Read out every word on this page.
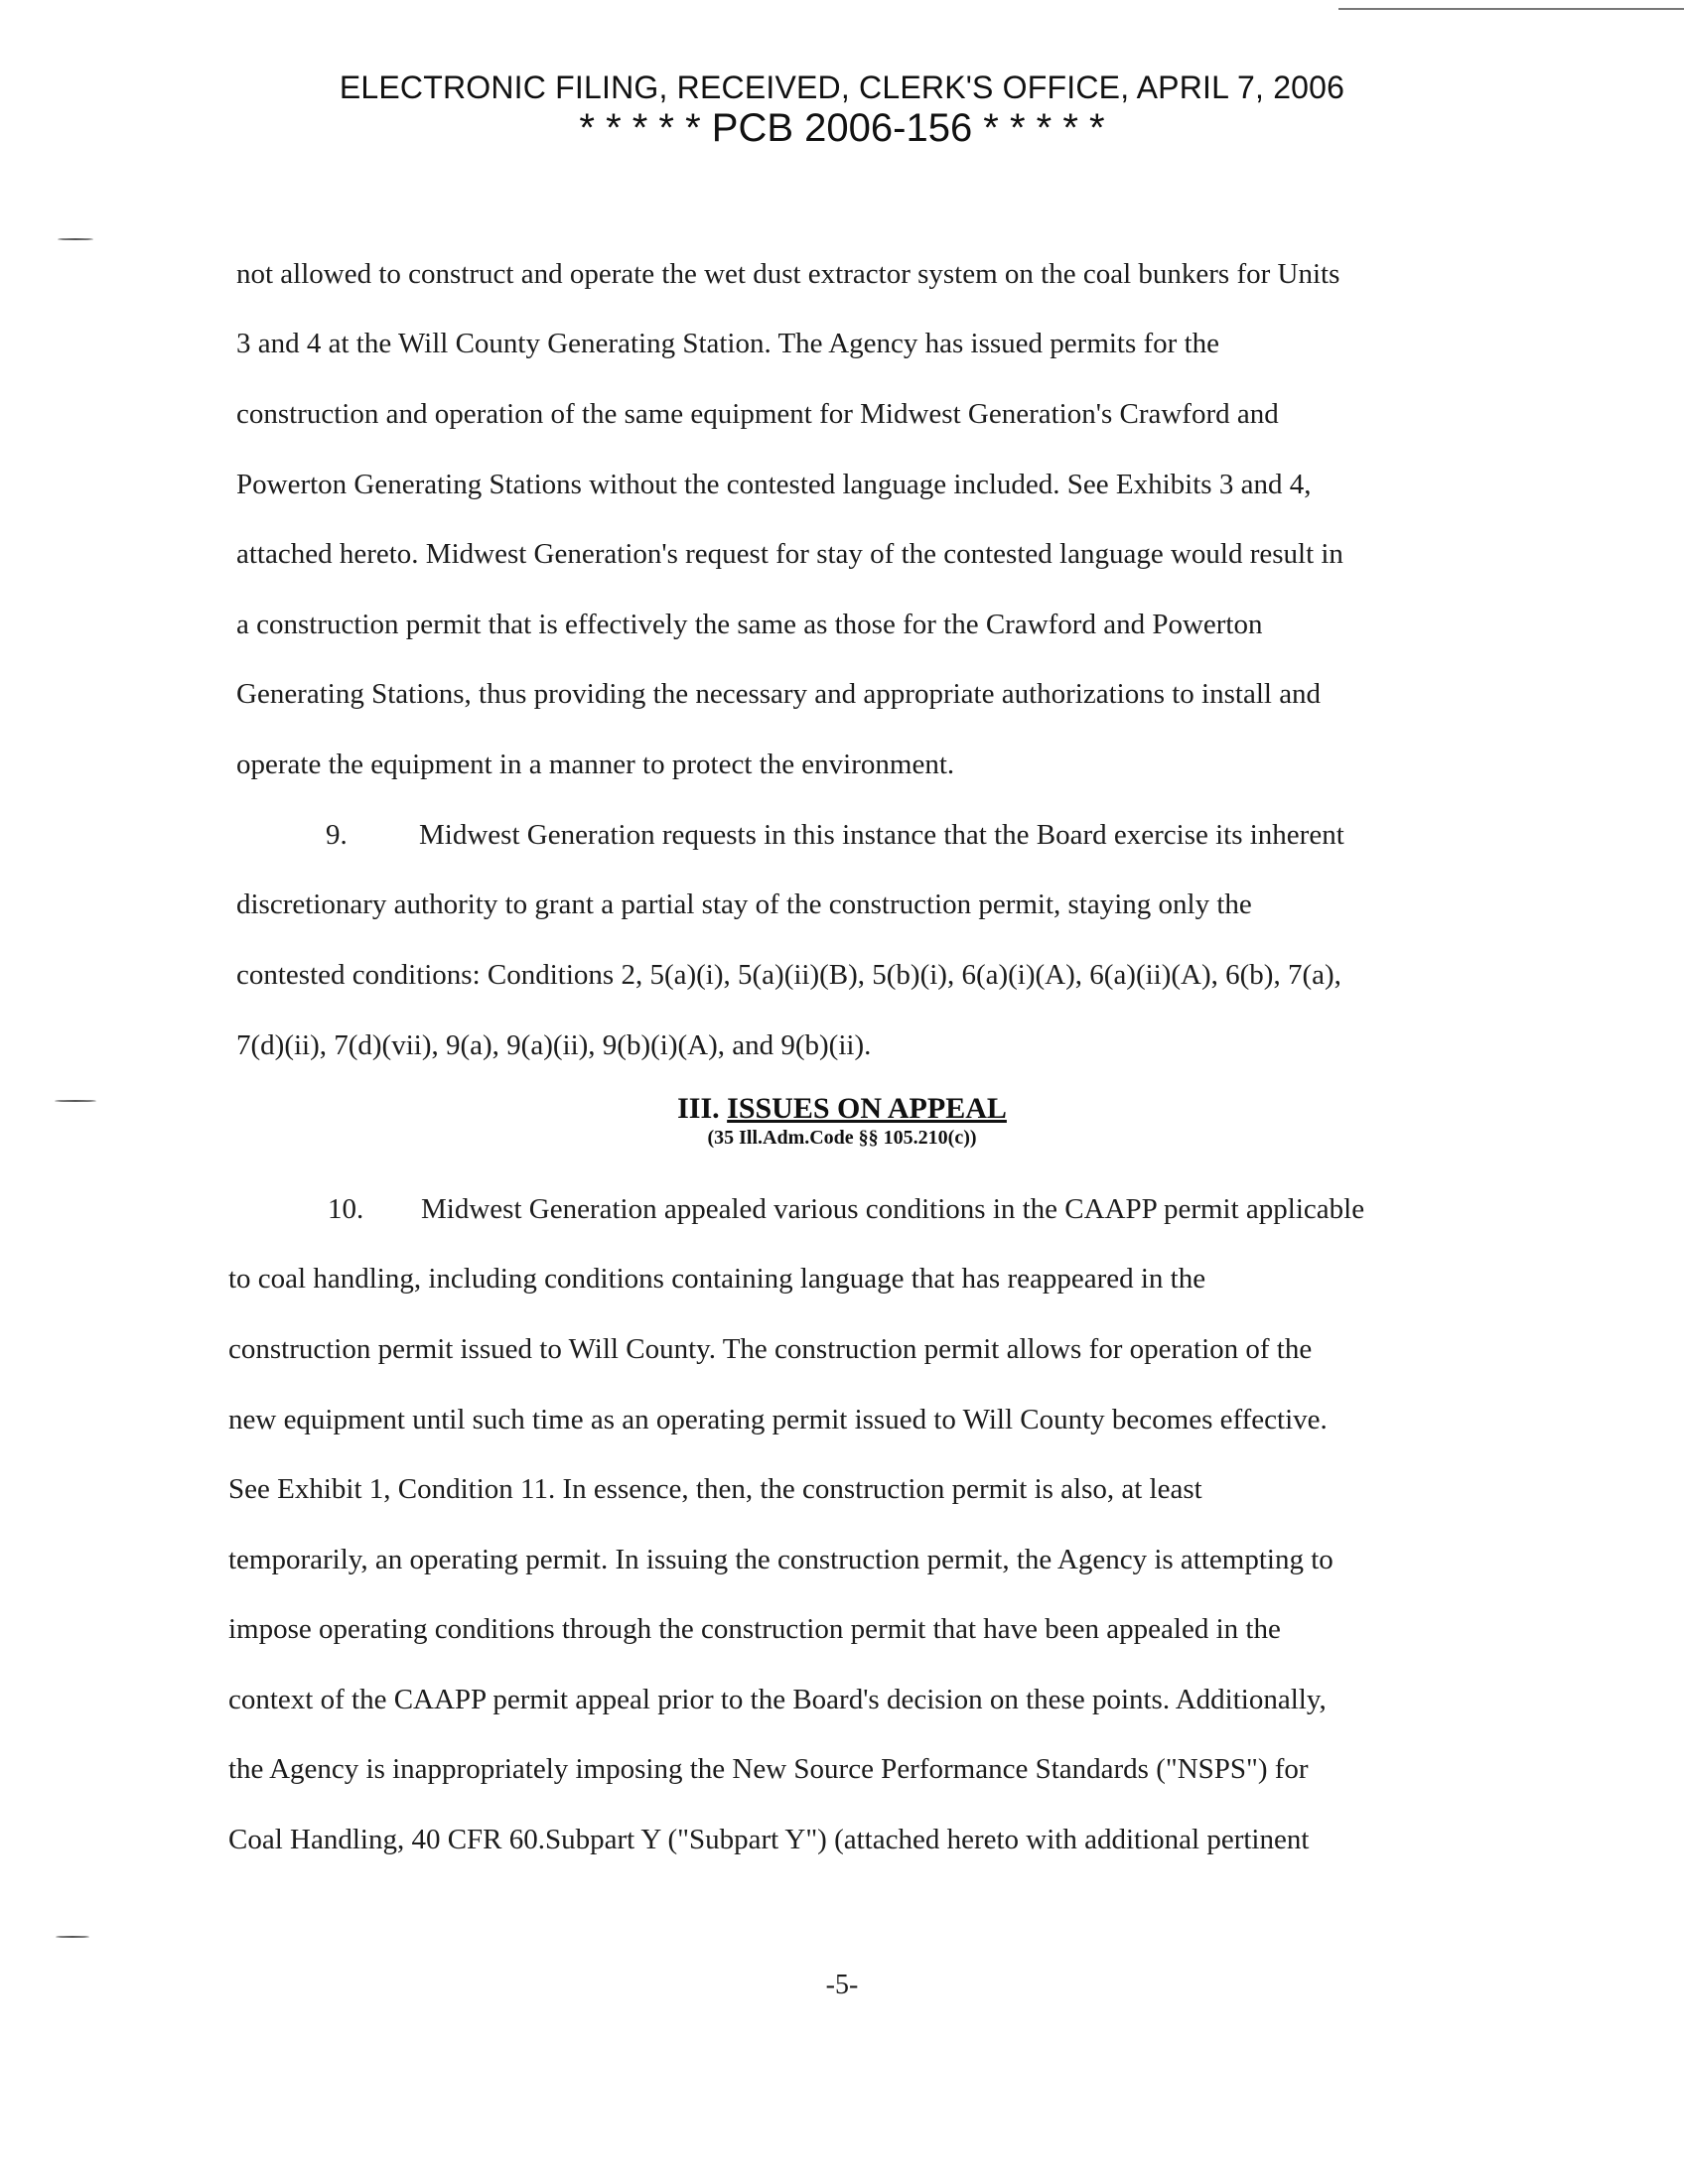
ELECTRONIC FILING, RECEIVED, CLERK'S OFFICE, APRIL 7, 2006
* * * * * PCB 2006-156 * * * * *
not allowed to construct and operate the wet dust extractor system on the coal bunkers for Units
3 and 4 at the Will County Generating Station. The Agency has issued permits for the
construction and operation of the same equipment for Midwest Generation's Crawford and
Powerton Generating Stations without the contested language included. See Exhibits 3 and 4,
attached hereto. Midwest Generation's request for stay of the contested language would result in
a construction permit that is effectively the same as those for the Crawford and Powerton
Generating Stations, thus providing the necessary and appropriate authorizations to install and
operate the equipment in a manner to protect the environment.
9. Midwest Generation requests in this instance that the Board exercise its inherent
discretionary authority to grant a partial stay of the construction permit, staying only the
contested conditions: Conditions 2, 5(a)(i), 5(a)(ii)(B), 5(b)(i), 6(a)(i)(A), 6(a)(ii)(A), 6(b), 7(a),
7(d)(ii), 7(d)(vii), 9(a), 9(a)(ii), 9(b)(i)(A), and 9(b)(ii).
III. ISSUES ON APPEAL
(35 Ill.Adm.Code §§ 105.210(c))
10. Midwest Generation appealed various conditions in the CAAPP permit applicable
to coal handling, including conditions containing language that has reappeared in the
construction permit issued to Will County. The construction permit allows for operation of the
new equipment until such time as an operating permit issued to Will County becomes effective.
See Exhibit 1, Condition 11. In essence, then, the construction permit is also, at least
temporarily, an operating permit. In issuing the construction permit, the Agency is attempting to
impose operating conditions through the construction permit that have been appealed in the
context of the CAAPP permit appeal prior to the Board's decision on these points. Additionally,
the Agency is inappropriately imposing the New Source Performance Standards ("NSPS") for
Coal Handling, 40 CFR 60.Subpart Y ("Subpart Y") (attached hereto with additional pertinent
-5-
